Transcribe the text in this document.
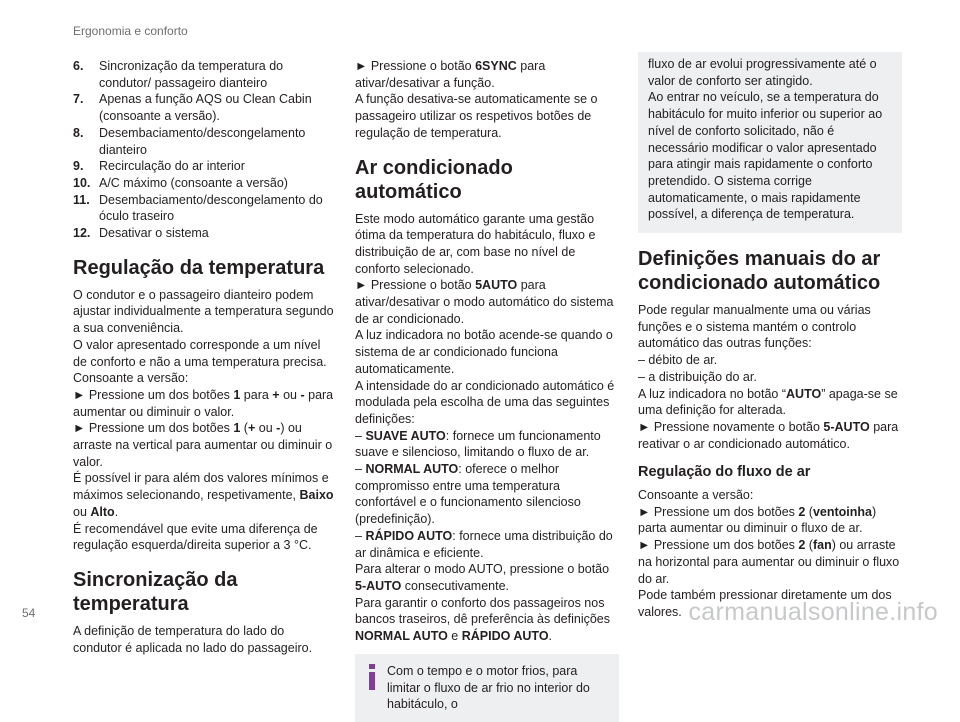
Ergonomia e conforto
6.	Sincronização da temperatura do condutor/ passageiro dianteiro
7.	Apenas a função AQS ou Clean Cabin (consoante a versão).
8.	Desembaciamento/descongelamento dianteiro
9.	Recirculação do ar interior
10. A/C máximo (consoante a versão)
11. Desembaciamento/descongelamento do óculo traseiro
12. Desativar o sistema
Regulação da temperatura

O condutor e o passageiro dianteiro podem ajustar individualmente a temperatura segundo a sua conveniência.

O valor apresentado corresponde a um nível de conforto e não a uma temperatura precisa.

Consoante a versão:

► Pressione um dos botões 1 para + ou - para aumentar ou diminuir o valor.

► Pressione um dos botões 1 (+ ou -) ou arraste na vertical para aumentar ou diminuir o valor.

É possível ir para além dos valores mínimos e máximos selecionando, respetivamente, Baixo ou Alto.

É recomendável que evite uma diferença de regulação esquerda/direita superior a 3 °C.

Sincronização da temperatura

A definição de temperatura do lado do condutor é aplicada no lado do passageiro.

► Pressione o botão 6SYNC para ativar/desativar a função.

A função desativa-se automaticamente se o passageiro utilizar os respetivos botões de regulação de temperatura.

Ar condicionado automático

Este modo automático garante uma gestão ótima da temperatura do habitáculo, fluxo e distribuição de ar, com base no nível de conforto selecionado.

► Pressione o botão 5AUTO para ativar/desativar o modo automático do sistema de ar condicionado.

A luz indicadora no botão acende-se quando o sistema de ar condicionado funciona automaticamente.

A intensidade do ar condicionado automático é modulada pela escolha de uma das seguintes definições:

– SUAVE AUTO: fornece um funcionamento suave e silencioso, limitando o fluxo de ar.

– NORMAL AUTO: oferece o melhor compromisso entre uma temperatura confortável e o funcionamento silencioso (predefinição).

– RÁPIDO AUTO: fornece uma distribuição do ar dinâmica e eficiente.

Para alterar o modo AUTO, pressione o botão 5-AUTO consecutivamente.

Para garantir o conforto dos passageiros nos bancos traseiros, dê preferência às definições NORMAL AUTO e RÁPIDO AUTO.

Com o tempo e o motor frios, para limitar o fluxo de ar frio no interior do habitáculo, o

fluxo de ar evolui progressivamente até o valor de conforto ser atingido.

Ao entrar no veículo, se a temperatura do habitáculo for muito inferior ou superior ao nível de conforto solicitado, não é necessário modificar o valor apresentado para atingir mais rapidamente o conforto pretendido. O sistema corrige automaticamente, o mais rapidamente possível, a diferença de temperatura.

Definições manuais do ar condicionado automático

Pode regular manualmente uma ou várias funções e o sistema mantém o controlo automático das outras funções:

– débito de ar.

– a distribuição do ar.

A luz indicadora no botão “AUTO” apaga-se se uma definição for alterada.

► Pressione novamente o botão 5-AUTO para reativar o ar condicionado automático.

Regulação do fluxo de ar

Consoante a versão:

► Pressione um dos botões 2 (ventoinha) parta aumentar ou diminuir o fluxo de ar.

► Pressione um dos botões 2 (fan) ou arraste na horizontal para aumentar ou diminuir o fluxo do ar.

Pode também pressionar diretamente um dos valores.

54	carmanualsonline.info
